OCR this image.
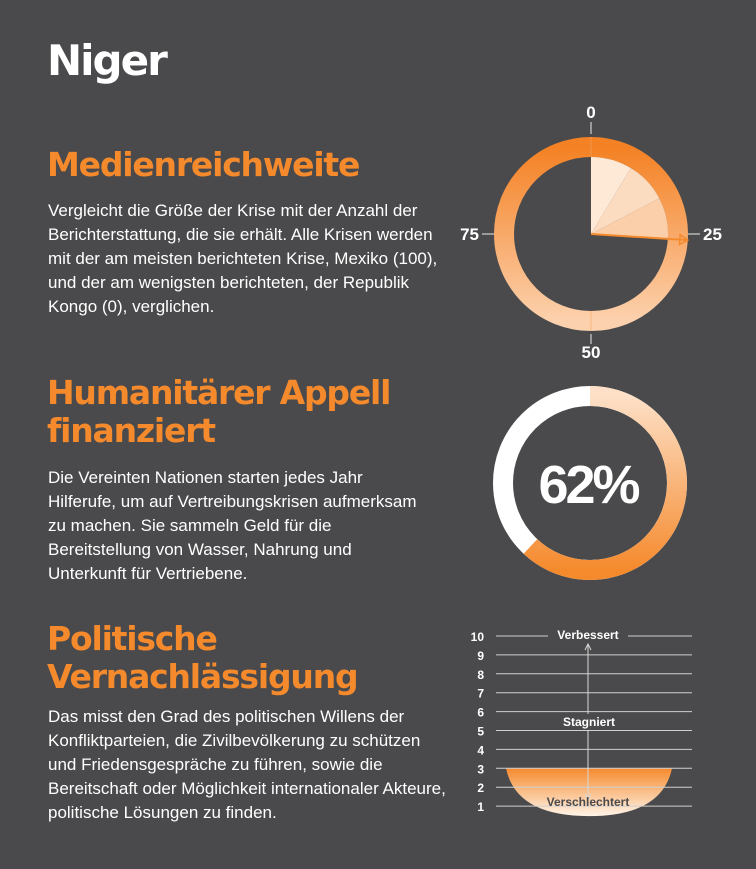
Niger
Medienreichweite

Vergleicht die Größe der Krise mit der Anzahl der Berichterstattung, die sie erhält. Alle Krisen werden mit der am meisten berichteten Krise, Mexiko (100), und der am wenigsten berichteten, der Republik Kongo (0), verglichen.

0
25
50
75
Humanitärer Appell finanziert

Die Vereinten Nationen starten jedes Jahr Hilferufe, um auf Vertreibungskrisen aufmerksam zu machen. Sie sammeln Geld für die Bereitstellung von Wasser, Nahrung und Unterkunft für Vertriebene.

62%
Politische Vernachlässigung

Das misst den Grad des politischen Willens der Konfliktparteien, die Zivilbevölkerung zu schützen und Friedensgespräche zu führen, sowie die Bereitschaft oder Möglichkeit internationaler Akteure, politische Lösungen zu finden.

10
9
8
7
6
5
4
3
2
1
Verbessert
Stagniert
Verschlechtert
